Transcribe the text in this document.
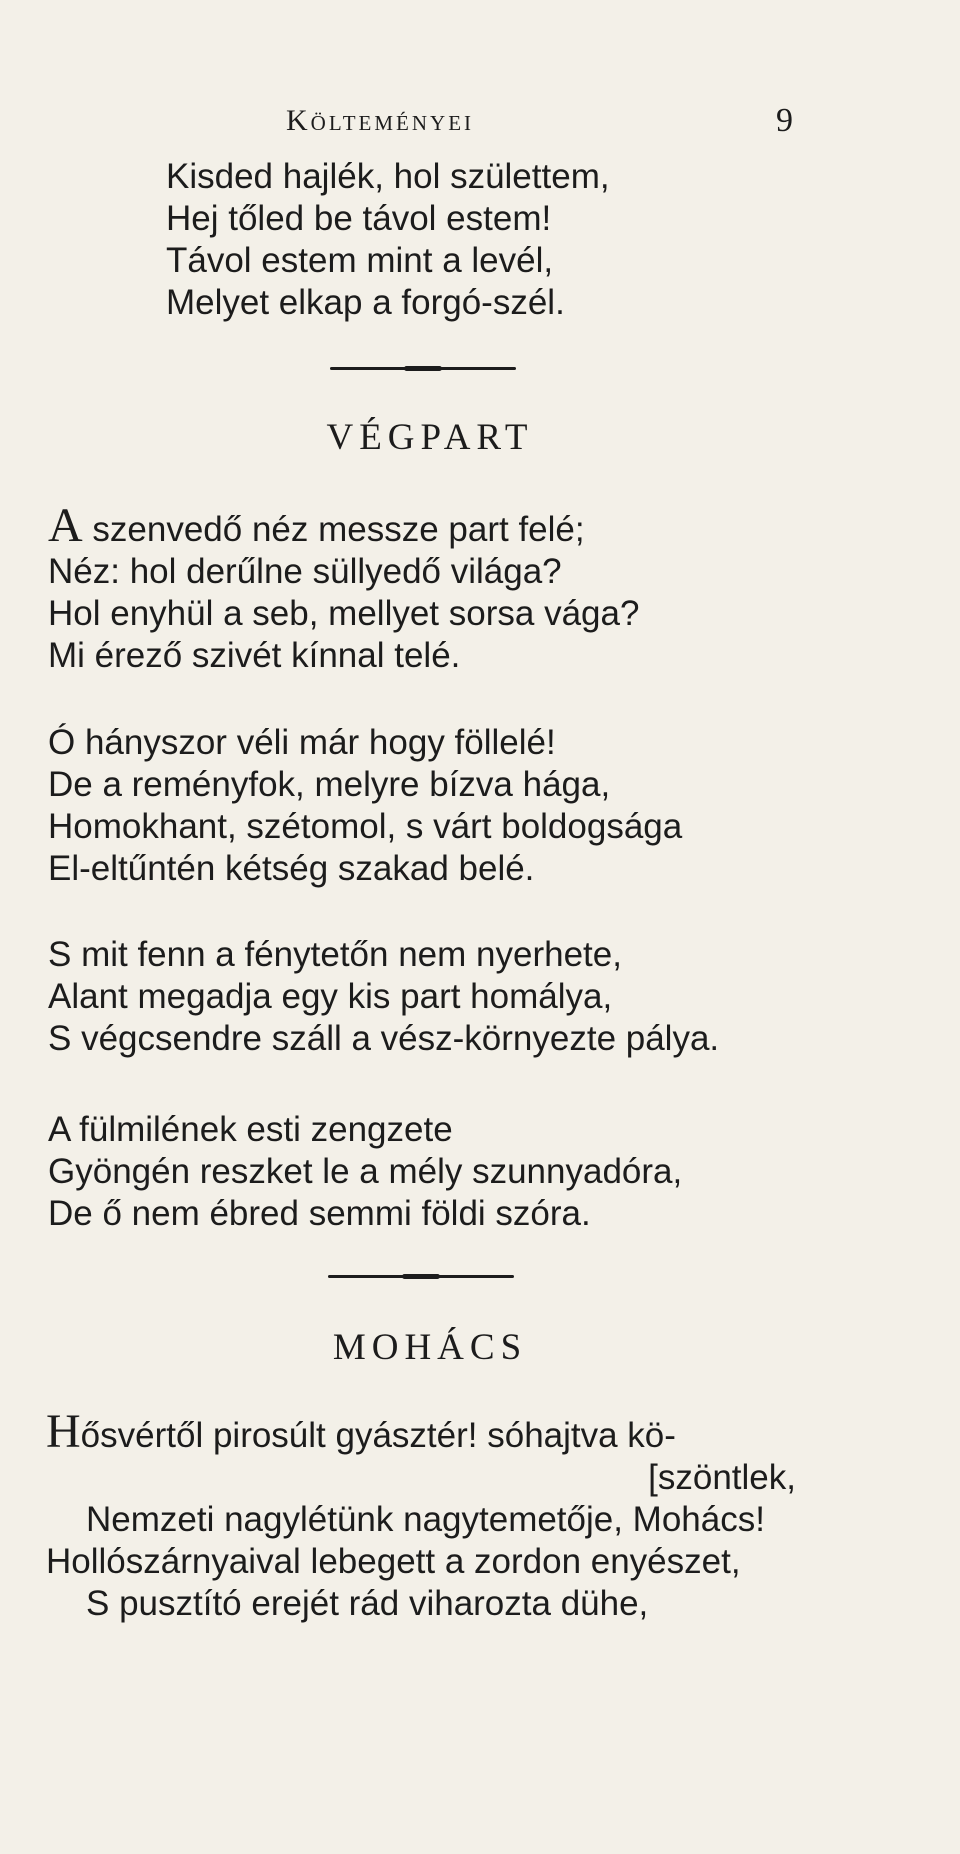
Költeményei	9
Kisded hajlék, hol születtem,
Hej tőled be távol estem!
Távol estem mint a levél,
Melyet elkap a forgó-szél.
VÉGPART
A szenvedő néz messze part felé;
Néz: hol derűlne süllyedő világa?
Hol enyhül a seb, mellyet sorsa vága?
Mi érező szivét kínnal telé.
Ó hányszor véli már hogy föllelé!
De a reményfok, melyre bízva hága,
Homokhant, szétomol, s várt boldogsága
El-eltűntén kétség szakad belé.
S mit fenn a fénytetőn nem nyerhete,
Alant megadja egy kis part homálya,
S végcsendre száll a vész-környezte pálya.
A fülmilének esti zengzete
Gyöngén reszket le a mély szunnyadóra,
De ő nem ébred semmi földi szóra.
MOHÁCS
Hősvértől pirosúlt gyásztér! sóhajtva kö-
[szöntlek,
Nemzeti nagylétünk nagytemetője, Mohács!
Hollószárnyaival lebegett a zordon enyészet,
S pusztító erejét rád viharozta dühe,
